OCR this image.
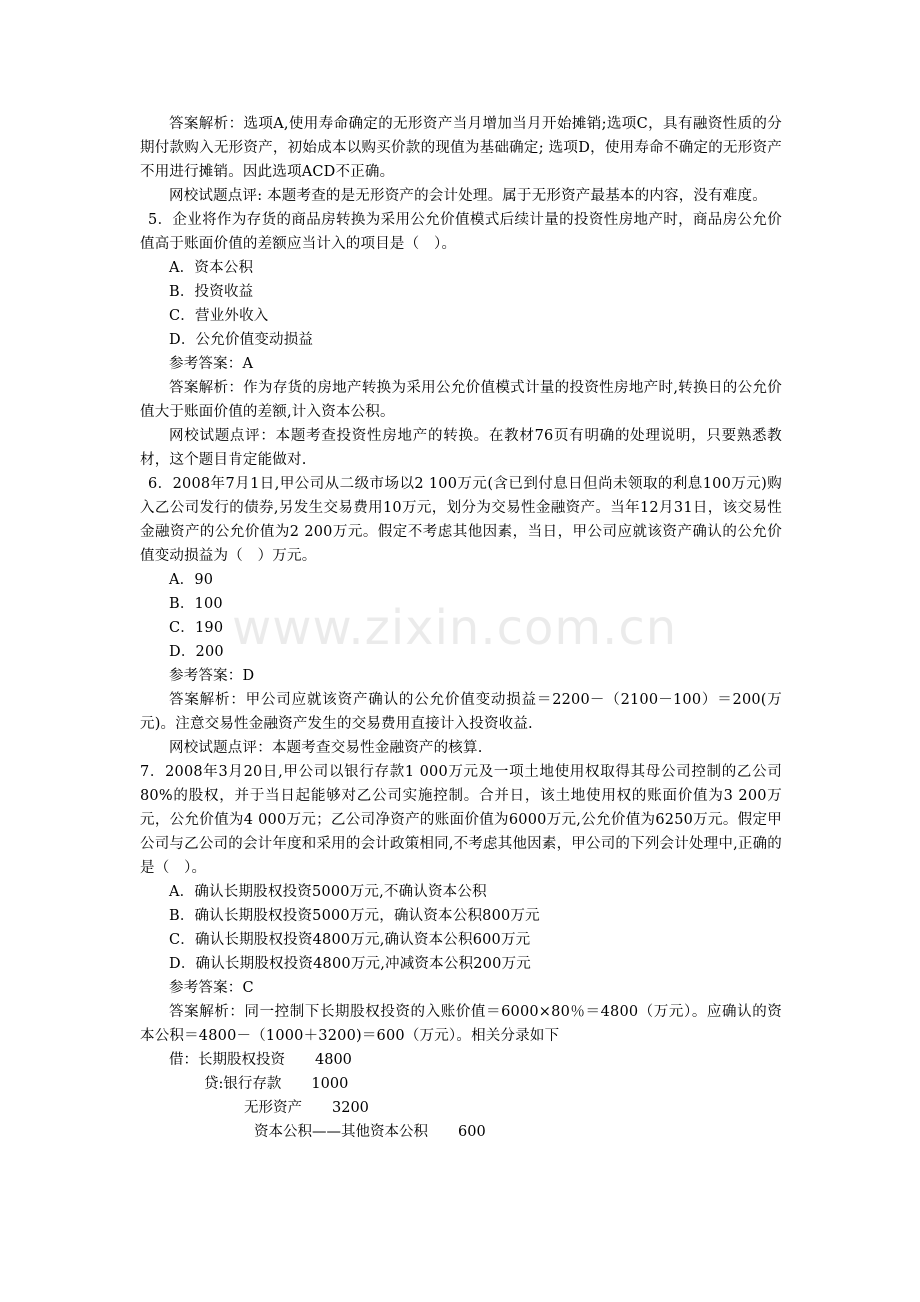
答案解析：选项A,使用寿命确定的无形资产当月增加当月开始摊销;选项C，具有融资性质的分期付款购入无形资产，初始成本以购买价款的现值为基础确定; 选项D，使用寿命不确定的无形资产不用进行摊销。因此选项ACD不正确。

网校试题点评: 本题考查的是无形资产的会计处理。属于无形资产最基本的内容，没有难度。

5．企业将作为存货的商品房转换为采用公允价值模式后续计量的投资性房地产时，商品房公允价值高于账面价值的差额应当计入的项目是（　）。

A．资本公积

B．投资收益

C．营业外收入

D．公允价值变动损益

参考答案：A

答案解析：作为存货的房地产转换为采用公允价值模式计量的投资性房地产时,转换日的公允价值大于账面价值的差额,计入资本公积。

网校试题点评：本题考查投资性房地产的转换。在教材76页有明确的处理说明，只要熟悉教材，这个题目肯定能做对.

6．2008年7月1日,甲公司从二级市场以2 100万元(含已到付息日但尚未领取的利息100万元)购入乙公司发行的债券,另发生交易费用10万元，划分为交易性金融资产。当年12月31日，该交易性金融资产的公允价值为2 200万元。假定不考虑其他因素，当日，甲公司应就该资产确认的公允价值变动损益为（　）万元。

A．90

B．100

C．190

D．200

参考答案：D

答案解析：甲公司应就该资产确认的公允价值变动损益＝2200－（2100－100）＝200(万元)。注意交易性金融资产发生的交易费用直接计入投资收益.

网校试题点评：本题考查交易性金融资产的核算.

7．2008年3月20日,甲公司以银行存款1 000万元及一项土地使用权取得其母公司控制的乙公司80%的股权，并于当日起能够对乙公司实施控制。合并日，该土地使用权的账面价值为3 200万元，公允价值为4 000万元；乙公司净资产的账面价值为6000万元,公允价值为6250万元。假定甲公司与乙公司的会计年度和采用的会计政策相同,不考虑其他因素，甲公司的下列会计处理中,正确的是（　）。

A．确认长期股权投资5000万元,不确认资本公积

B．确认长期股权投资5000万元，确认资本公积800万元

C．确认长期股权投资4800万元,确认资本公积600万元

D．确认长期股权投资4800万元,冲减资本公积200万元

参考答案：C

答案解析：同一控制下长期股权投资的入账价值＝6000×80％＝4800（万元）。应确认的资本公积＝4800－（1000＋3200)＝600（万元）。相关分录如下

借：长期股权投资 4800

贷:银行存款 1000

无形资产 3200

资本公积——其他资本公积 600

www.zixin.com.cn
